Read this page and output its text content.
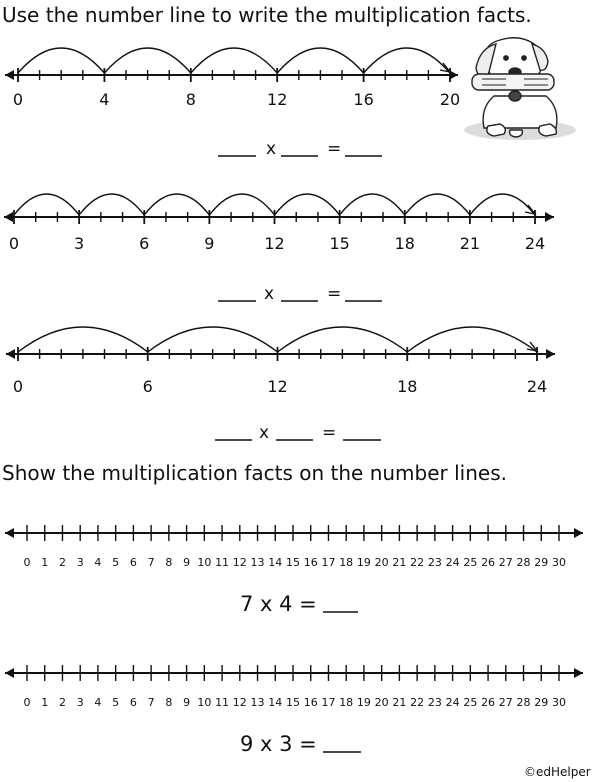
Use the number line to write the multiplication facts.
0	4	8	12	16	20
x	=
0	3	6	9	12	15	18	21	24
x	=
0	6	12	18	24
x	=
Show the multiplication facts on the number lines.
0 1 2 3 4 5 6 7 8 9 10 11 12 13 14 15 16 17 18 19 20 21 22 23 24 25 26 27 28 29 30
7 x 4 =
0 1 2 3 4 5 6 7 8 9 10 11 12 13 14 15 16 17 18 19 20 21 22 23 24 25 26 27 28 29 30
9 x 3 =
©edHelper
